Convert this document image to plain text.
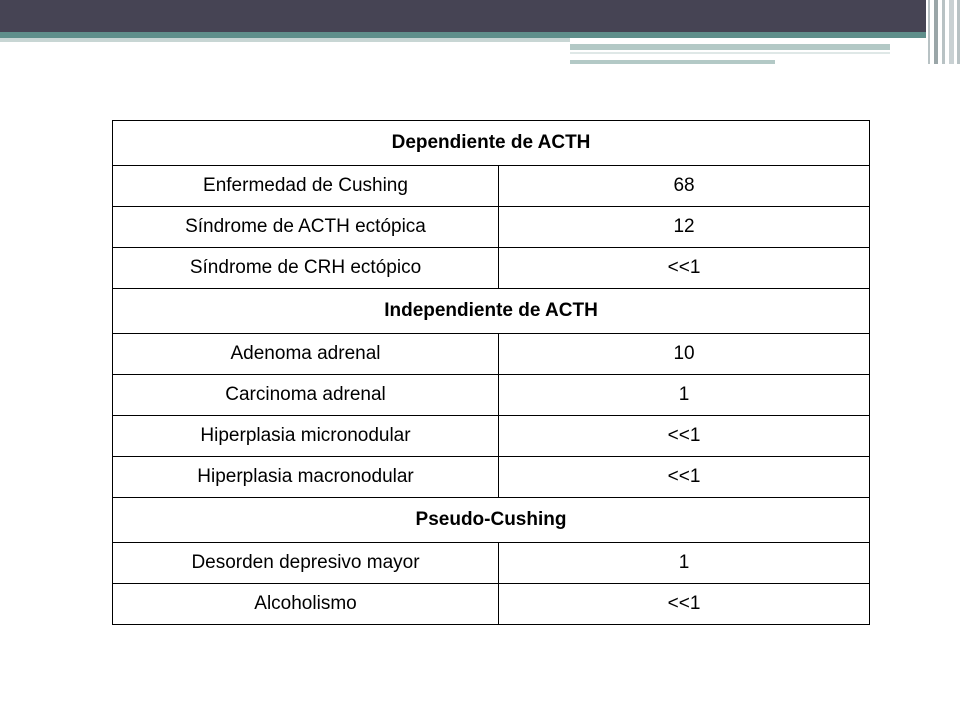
Dependiente de ACTH	
Enfermedad de Cushing	68
Síndrome de ACTH ectópica	12
Síndrome de CRH ectópico	<<1
Independiente de ACTH	
Adenoma adrenal	10
Carcinoma adrenal	1
Hiperplasia micronodular	<<1
Hiperplasia macronodular	<<1
Pseudo-Cushing	
Desorden depresivo mayor	1
Alcoholismo	<<1
